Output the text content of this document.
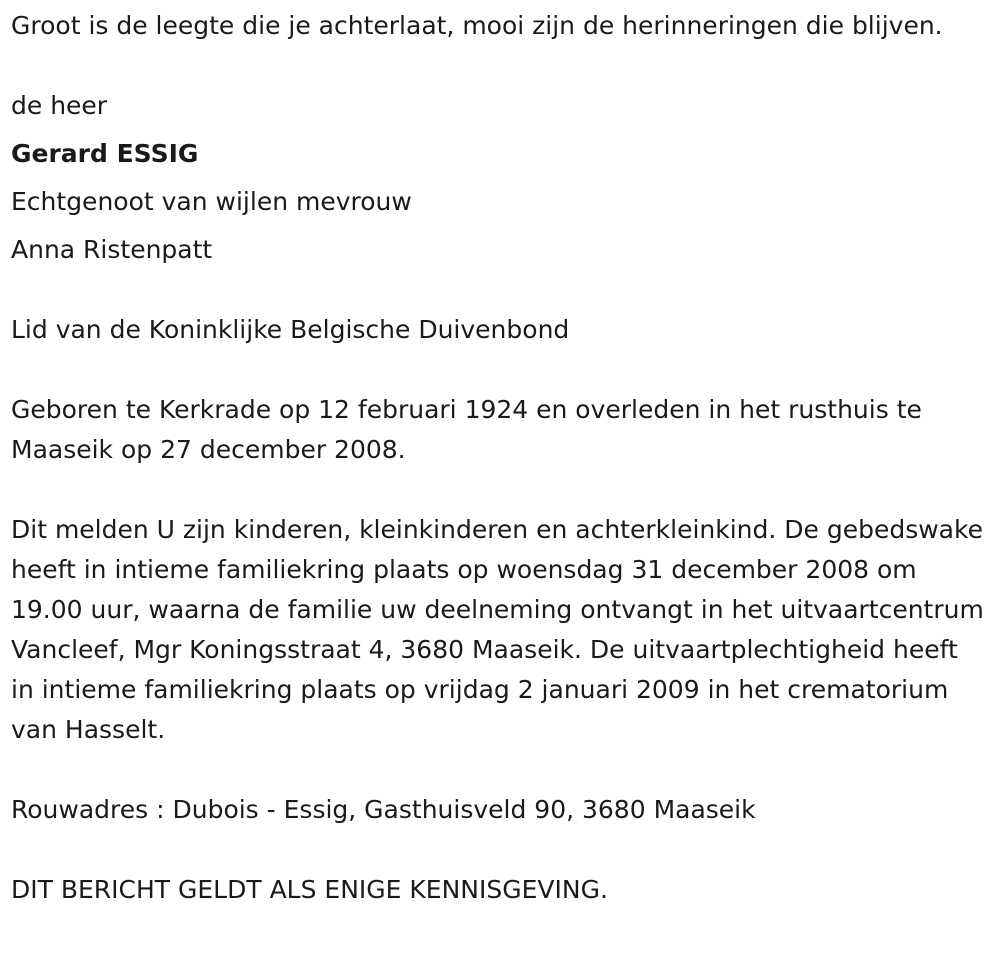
Groot is de leegte die je achterlaat, mooi zijn de herinneringen die blijven.

de heer

Gerard ESSIG

Echtgenoot van wijlen mevrouw

Anna Ristenpatt

Lid van de Koninklijke Belgische Duivenbond

Geboren te Kerkrade op 12 februari 1924 en overleden in het rusthuis te Maaseik op 27 december 2008.

Dit melden U zijn kinderen, kleinkinderen en achterkleinkind. De gebedswake heeft in intieme familiekring plaats op woensdag 31 december 2008 om 19.00 uur, waarna de familie uw deelneming ontvangt in het uitvaartcentrum Vancleef, Mgr Koningsstraat 4, 3680 Maaseik. De uitvaartplechtigheid heeft in intieme familiekring plaats op vrijdag 2 januari 2009 in het crematorium van Hasselt.

Rouwadres : Dubois - Essig, Gasthuisveld 90, 3680 Maaseik

DIT BERICHT GELDT ALS ENIGE KENNISGEVING.
